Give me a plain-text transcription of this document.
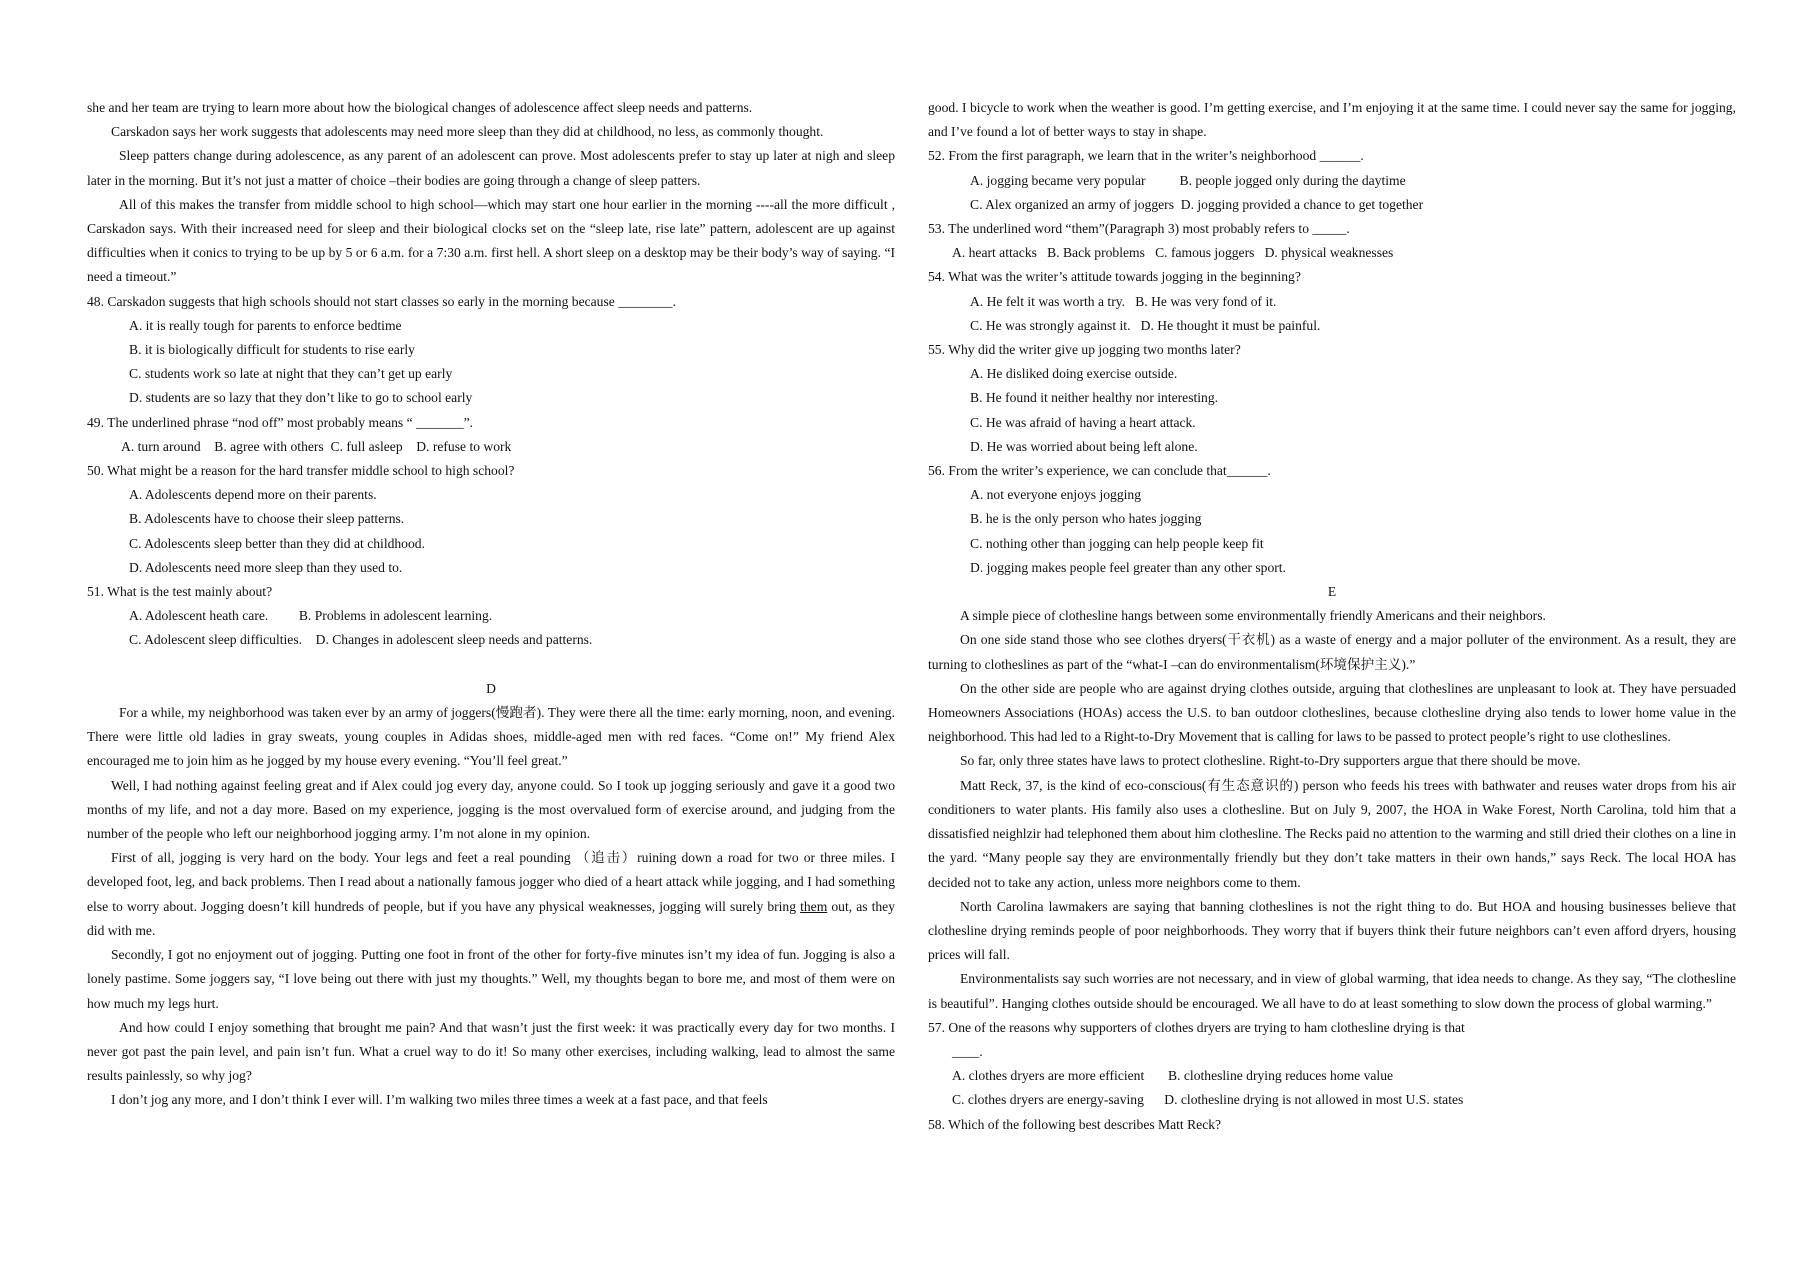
she and her team are trying to learn more about how the biological changes of adolescence affect sleep needs and patterns.

Carskadon says her work suggests that adolescents may need more sleep than they did at childhood, no less, as commonly thought.

Sleep patters change during adolescence, as any parent of an adolescent can prove. Most adolescents prefer to stay up later at nigh and sleep later in the morning. But it’s not just a matter of choice –their bodies are going through a change of sleep patters.

All of this makes the transfer from middle school to high school—which may start one hour earlier in the morning ----all the more difficult , Carskadon says. With their increased need for sleep and their biological clocks set on the “sleep late, rise late” pattern, adolescent are up against difficulties when it conics to trying to be up by 5 or 6 a.m. for a 7:30 a.m. first hell. A short sleep on a desktop may be their body’s way of saying. “I need a timeout.”

48. Carskadon suggests that high schools should not start classes so early in the morning because ________.

A. it is really tough for parents to enforce bedtime

B. it is biologically difficult for students to rise early

C. students work so late at night that they can’t get up early

D. students are so lazy that they don’t like to go to school early

49. The underlined phrase “nod off” most probably means “ _______”.

A. turn around    B. agree with others  C. full asleep    D. refuse to work

50. What might be a reason for the hard transfer middle school to high school?

A. Adolescents depend more on their parents.

B. Adolescents have to choose their sleep patterns.

C. Adolescents sleep better than they did at childhood.

D. Adolescents need more sleep than they used to.

51. What is the test mainly about?

A. Adolescent heath care.         B. Problems in adolescent learning.

C. Adolescent sleep difficulties.    D. Changes in adolescent sleep needs and patterns.

D

For a while, my neighborhood was taken ever by an army of joggers(慢跑者). They were there all the time: early morning, noon, and evening. There were little old ladies in gray sweats, young couples in Adidas shoes, middle-aged men with red faces. “Come on!” My friend Alex encouraged me to join him as he jogged by my house every evening. “You’ll feel great.”

Well, I had nothing against feeling great and if Alex could jog every day, anyone could. So I took up jogging seriously and gave it a good two months of my life, and not a day more. Based on my experience, jogging is the most overvalued form of exercise around, and judging from the number of the people who left our neighborhood jogging army. I’m not alone in my opinion.

First of all, jogging is very hard on the body. Your legs and feet a real pounding （追击）ruining down a road for two or three miles. I developed foot, leg, and back problems. Then I read about a nationally famous jogger who died of a heart attack while jogging, and I had something else to worry about. Jogging doesn’t kill hundreds of people, but if you have any physical weaknesses, jogging will surely bring them out, as they did with me.

Secondly, I got no enjoyment out of jogging. Putting one foot in front of the other for forty-five minutes isn’t my idea of fun. Jogging is also a lonely pastime. Some joggers say, “I love being out there with just my thoughts.” Well, my thoughts began to bore me, and most of them were on how much my legs hurt.

And how could I enjoy something that brought me pain? And that wasn’t just the first week: it was practically every day for two months. I never got past the pain level, and pain isn’t fun. What a cruel way to do it! So many other exercises, including walking, lead to almost the same results painlessly, so why jog?

I don’t jog any more, and I don’t think I ever will. I’m walking two miles three times a week at a fast pace, and that feels

good. I bicycle to work when the weather is good. I’m getting exercise, and I’m enjoying it at the same time. I could never say the same for jogging, and I’ve found a lot of better ways to stay in shape.

52. From the first paragraph, we learn that in the writer’s neighborhood ______.

A. jogging became very popular          B. people jogged only during the daytime

C. Alex organized an army of joggers  D. jogging provided a chance to get together

53. The underlined word “them”(Paragraph 3) most probably refers to _____.

A. heart attacks   B. Back problems   C. famous joggers   D. physical weaknesses

54. What was the writer’s attitude towards jogging in the beginning?

A. He felt it was worth a try.   B. He was very fond of it.

C. He was strongly against it.   D. He thought it must be painful.

55. Why did the writer give up jogging two months later?

A. He disliked doing exercise outside.

B. He found it neither healthy nor interesting.

C. He was afraid of having a heart attack.

D. He was worried about being left alone.

56. From the writer’s experience, we can conclude that______.

A. not everyone enjoys jogging

B. he is the only person who hates jogging

C. nothing other than jogging can help people keep fit

D. jogging makes people feel greater than any other sport.

E

A simple piece of clothesline hangs between some environmentally friendly Americans and their neighbors.

On one side stand those who see clothes dryers(干衣机) as a waste of energy and a major polluter of the environment. As a result, they are turning to clotheslines as part of the “what-I –can do environmentalism(环境保护主义).”

On the other side are people who are against drying clothes outside, arguing that clotheslines are unpleasant to look at. They have persuaded Homeowners Associations (HOAs) access the U.S. to ban outdoor clotheslines, because clothesline drying also tends to lower home value in the neighborhood. This had led to a Right-to-Dry Movement that is calling for laws to be passed to protect people’s right to use clotheslines.

So far, only three states have laws to protect clothesline. Right-to-Dry supporters argue that there should be move.

Matt Reck, 37, is the kind of eco-conscious(有生态意识的) person who feeds his trees with bathwater and reuses water drops from his air conditioners to water plants. His family also uses a clothesline. But on July 9, 2007, the HOA in Wake Forest, North Carolina, told him that a dissatisfied neighlzir had telephoned them about him clothesline. The Recks paid no attention to the warming and still dried their clothes on a line in the yard. “Many people say they are environmentally friendly but they don’t take matters in their own hands,” says Reck. The local HOA has decided not to take any action, unless more neighbors come to them.

North Carolina lawmakers are saying that banning clotheslines is not the right thing to do. But HOA and housing businesses believe that clothesline drying reminds people of poor neighborhoods. They worry that if buyers think their future neighbors can’t even afford dryers, housing prices will fall.

Environmentalists say such worries are not necessary, and in view of global warming, that idea needs to change. As they say, “The clothesline is beautiful”. Hanging clothes outside should be encouraged. We all have to do at least something to slow down the process of global warming.”

57. One of the reasons why supporters of clothes dryers are trying to ham clothesline drying is that

____.

A. clothes dryers are more efficient       B. clothesline drying reduces home value

C. clothes dryers are energy-saving      D. clothesline drying is not allowed in most U.S. states

58. Which of the following best describes Matt Reck?
